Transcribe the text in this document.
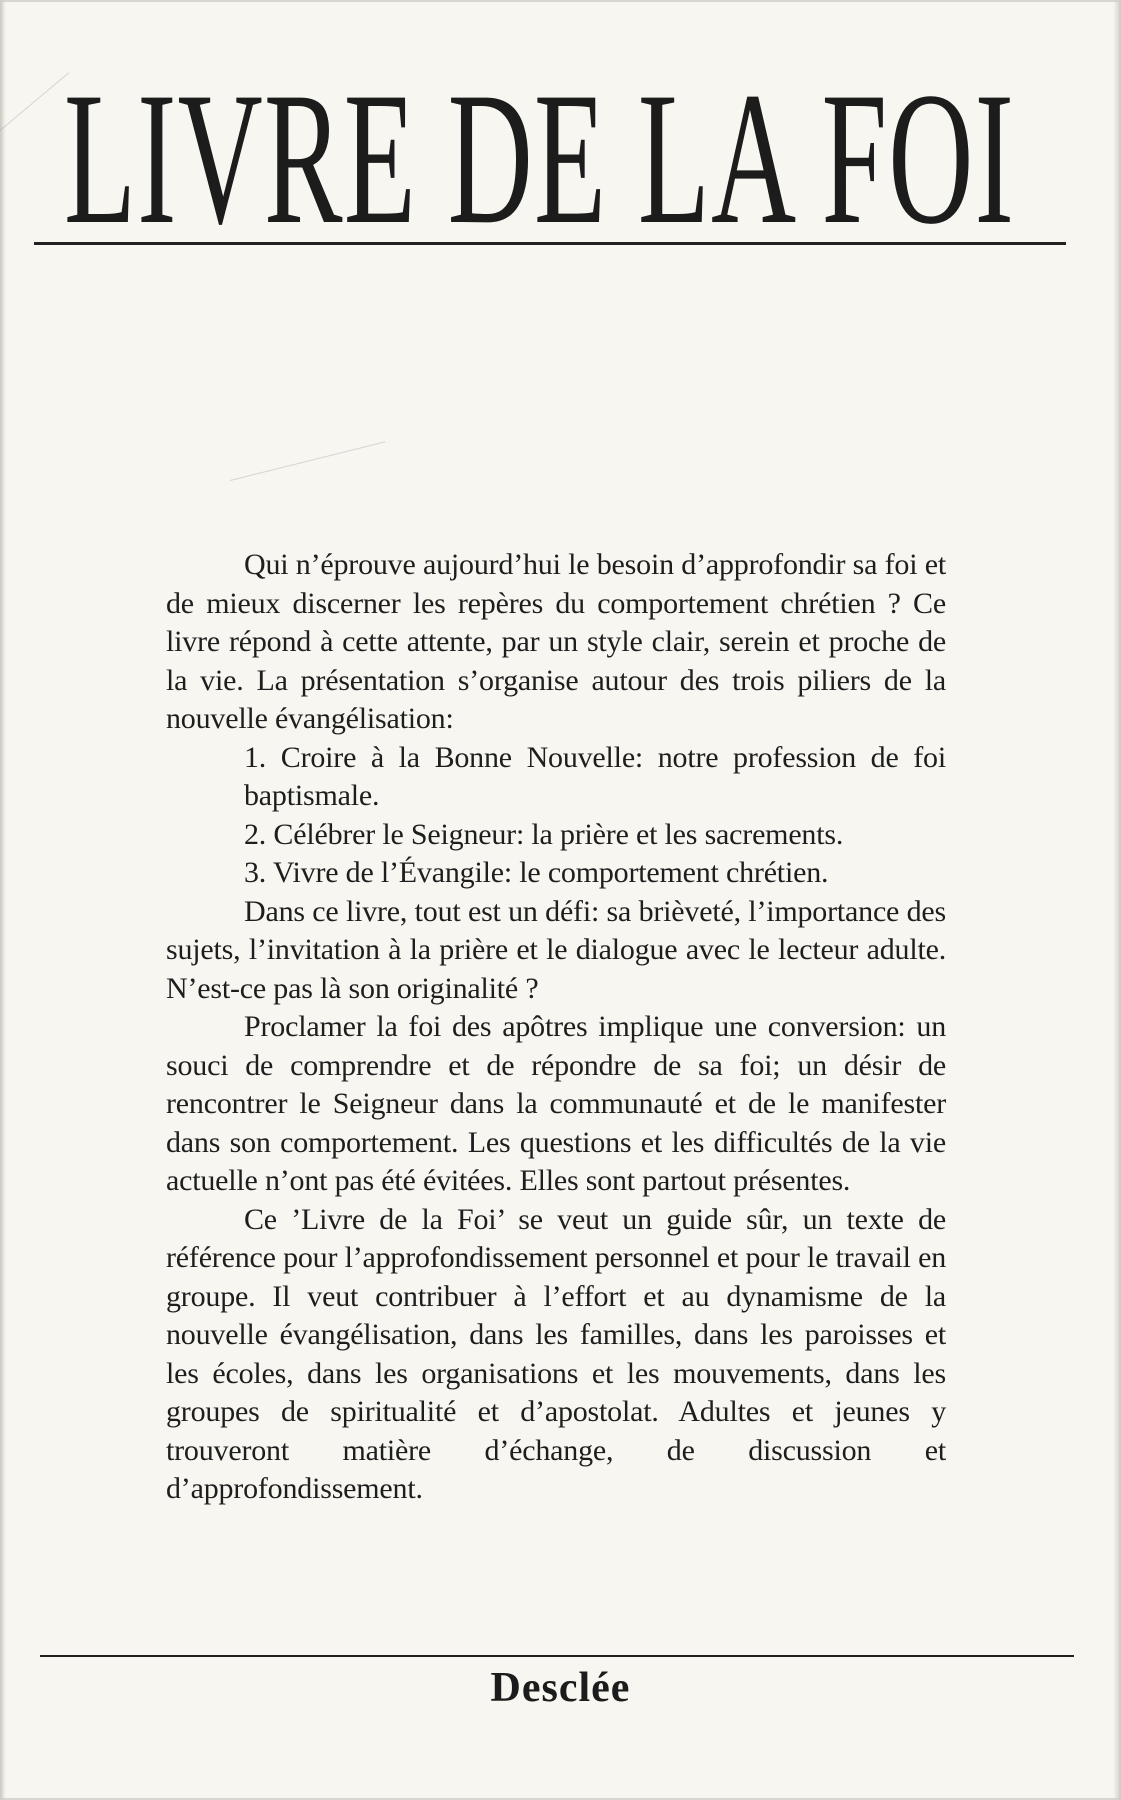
LIVRE DE LA FOI

Qui n’éprouve aujourd’hui le besoin d’approfondir sa foi et de mieux discerner les repères du comportement chrétien ? Ce livre répond à cette attente, par un style clair, serein et proche de la vie. La présentation s’organise autour des trois piliers de la nouvelle évangélisation:

1. Croire à la Bonne Nouvelle: notre profession de foi baptismale.

2. Célébrer le Seigneur: la prière et les sacrements.

3. Vivre de l’Évangile: le comportement chrétien.

Dans ce livre, tout est un défi: sa brièveté, l’importance des sujets, l’invitation à la prière et le dialogue avec le lecteur adulte. N’est-ce pas là son originalité ?

Proclamer la foi des apôtres implique une conversion: un souci de comprendre et de répondre de sa foi; un désir de rencontrer le Seigneur dans la communauté et de le manifester dans son comportement. Les questions et les difficultés de la vie actuelle n’ont pas été évitées. Elles sont partout présentes.

Ce ’Livre de la Foi’ se veut un guide sûr, un texte de référence pour l’approfondissement personnel et pour le travail en groupe. Il veut contribuer à l’effort et au dynamisme de la nouvelle évangélisation, dans les familles, dans les paroisses et les écoles, dans les organisations et les mouvements, dans les groupes de spiritualité et d’apostolat. Adultes et jeunes y trouveront matière d’échange, de discussion et d’approfondissement.

Desclée
